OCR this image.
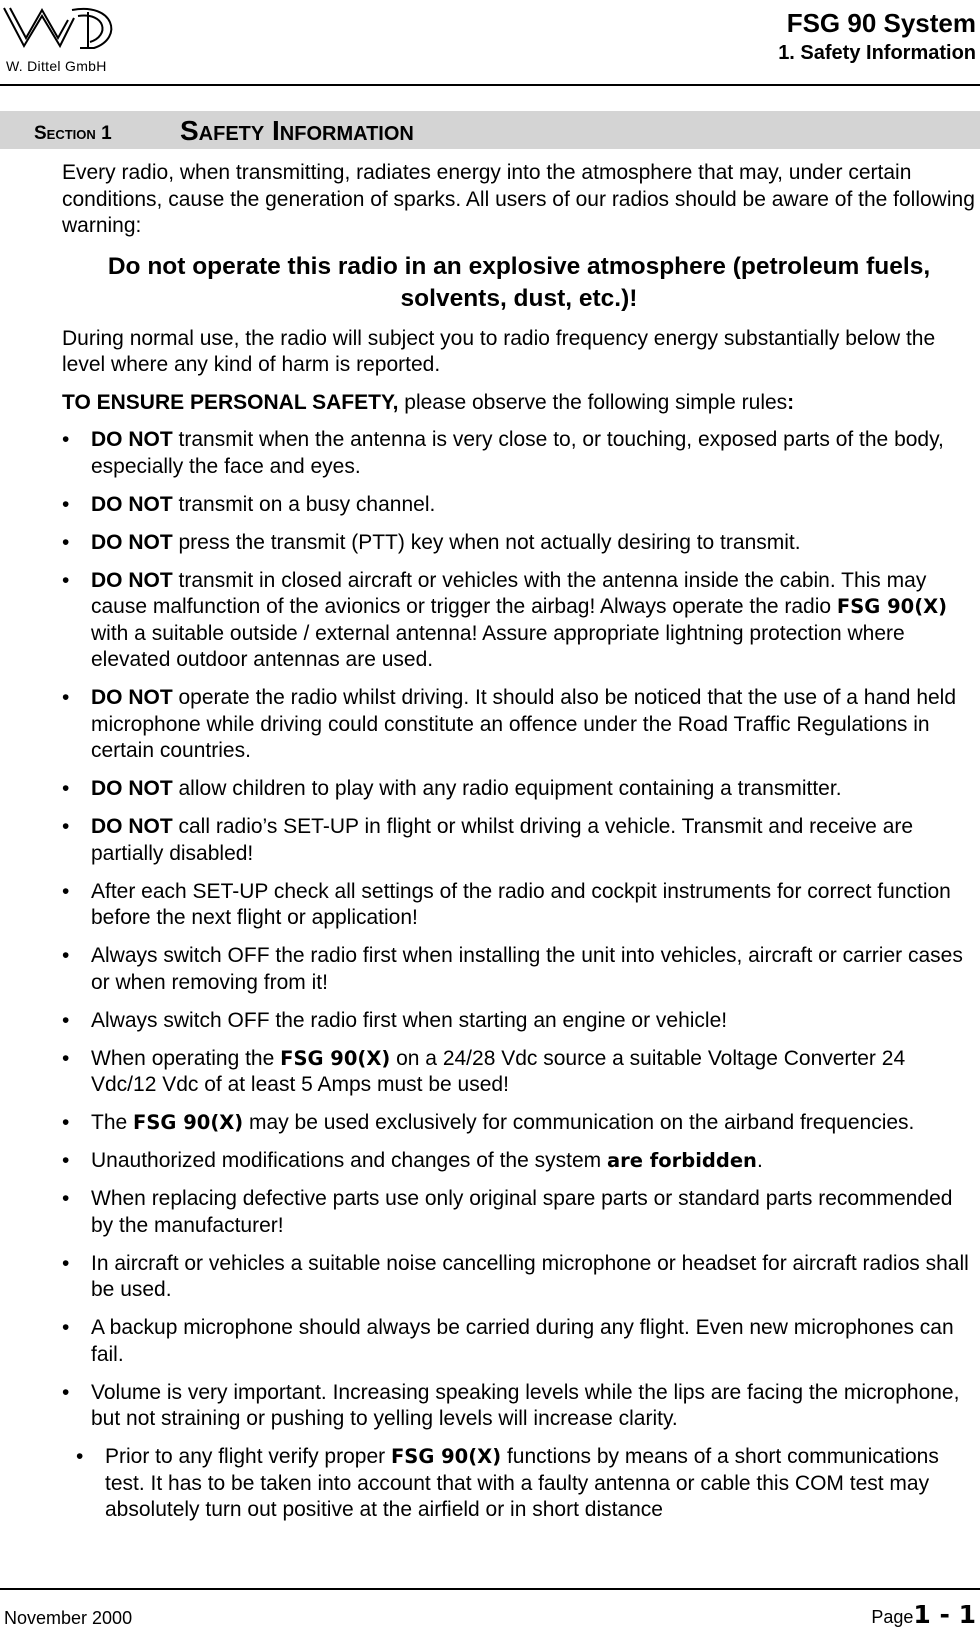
W. Dittel GmbH
FSG 90 System
1. Safety Information
Section 1 Safety Information

Every radio, when transmitting, radiates energy into the atmosphere that may, under certain conditions, cause the generation of sparks. All users of our radios should be aware of the following warning:

Do not operate this radio in an explosive atmosphere (petroleum fuels, solvents, dust, etc.)!

During normal use, the radio will subject you to radio frequency energy substantially below the level where any kind of harm is reported.

TO ENSURE PERSONAL SAFETY, please observe the following simple rules:

• DO NOT transmit when the antenna is very close to, or touching, exposed parts of the body, especially the face and eyes.
• DO NOT transmit on a busy channel.
• DO NOT press the transmit (PTT) key when not actually desiring to transmit.
• DO NOT transmit in closed aircraft or vehicles with the antenna inside the cabin. This may cause malfunction of the avionics or trigger the airbag! Always operate the radio FSG 90(X) with a suitable outside / external antenna! Assure appropriate lightning protection where elevated outdoor antennas are used.
• DO NOT operate the radio whilst driving. It should also be noticed that the use of a hand held microphone while driving could constitute an offence under the Road Traffic Regulations in certain countries.
• DO NOT allow children to play with any radio equipment containing a transmitter.
• DO NOT call radio’s SET-UP in flight or whilst driving a vehicle. Transmit and receive are partially disabled!
• After each SET-UP check all settings of the radio and cockpit instruments for correct function before the next flight or application!
• Always switch OFF the radio first when installing the unit into vehicles, aircraft or carrier cases or when removing from it!
• Always switch OFF the radio first when starting an engine or vehicle!
• When operating the FSG 90(X) on a 24/28 Vdc source a suitable Voltage Converter 24 Vdc/12 Vdc of at least 5 Amps must be used!
• The FSG 90(X) may be used exclusively for communication on the airband frequencies.
• Unauthorized modifications and changes of the system are forbidden.
• When replacing defective parts use only original spare parts or standard parts recommended by the manufacturer!
• In aircraft or vehicles a suitable noise cancelling microphone or headset for aircraft radios shall be used.
• A backup microphone should always be carried during any flight. Even new microphones can fail.
• Volume is very important. Increasing speaking levels while the lips are facing the microphone, but not straining or pushing to yelling levels will increase clarity.
• Prior to any flight verify proper FSG 90(X) functions by means of a short communications test. It has to be taken into account that with a faulty antenna or cable this COM test may absolutely turn out positive at the airfield or in short distance
November 2000	Page1 - 1
